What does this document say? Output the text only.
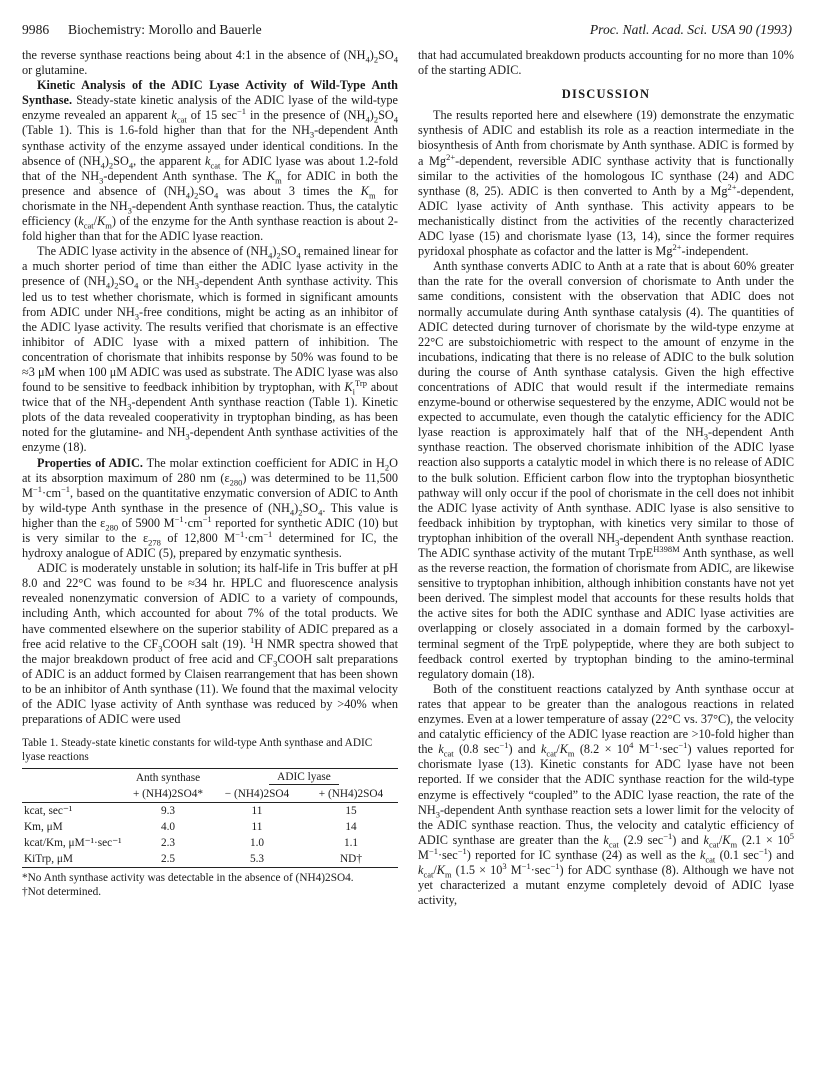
9986 Biochemistry: Morollo and Bauerle	Proc. Natl. Acad. Sci. USA 90 (1993)

the reverse synthase reactions being about 4:1 in the absence of $(NH_4)_2SO_4$ or glutamine.

Kinetic Analysis of the ADIC Lyase Activity of Wild-Type Anth Synthase. Steady-state kinetic analysis of the ADIC lyase of the wild-type enzyme revealed an apparent $k_{cat}$ of 15 $\sec^{-1}$ in the presence of $(NH_4)_2SO_4$ (Table 1). This is 1.6-fold higher than that for the $NH_3$-dependent Anth synthase activity of the enzyme assayed under identical conditions. In the absence of $(NH_4)_2SO_4$, the apparent $k_{cat}$ for ADIC lyase was about 1.2-fold that of the $NH_3$-dependent Anth synthase. The $K_m$ for ADIC in both the presence and absence of $(NH_4)_2SO_4$ was about 3 times the $K_m$ for chorismate in the $NH_3$-dependent Anth synthase reaction. Thus, the catalytic efficiency $(k_{cat}/K_m)$ of the enzyme for the Anth synthase reaction is about 2-fold higher than that for the ADIC lyase reaction.

The ADIC lyase activity in the absence of $(NH_4)_2SO_4$ remained linear for a much shorter period of time than either the ADIC lyase activity in the presence of $(NH_4)_2SO_4$ or the $NH_3$-dependent Anth synthase activity. This led us to test whether chorismate, which is formed in significant amounts from ADIC under $NH_3$-free conditions, might be acting as an inhibitor of the ADIC lyase activity. The results verified that chorismate is an effective inhibitor of ADIC lyase with a mixed pattern of inhibition. The concentration of chorismate that inhibits response by 50% was found to be ≈3 μM when 100 μM ADIC was used as substrate. The ADIC lyase was also found to be sensitive to feedback inhibition by tryptophan, with $K_i^{Trp}$ about twice that of the $NH_3$-dependent Anth synthase reaction (Table 1). Kinetic plots of the data revealed cooperativity in tryptophan binding, as has been noted for the glutamine- and $NH_3$-dependent Anth synthase activities of the enzyme (18).

Properties of ADIC. The molar extinction coefficient for ADIC in $H_2O$ at its absorption maximum of 280 nm $(\varepsilon_{280})$ was determined to be 11,500 $M^{-1}\cdot cm^{-1}$, based on the quantitative enzymatic conversion of ADIC to Anth by wild-type Anth synthase in the presence of $(NH_4)_2SO_4$. This value is higher than the $\varepsilon_{280}$ of 5900 $M^{-1}\cdot cm^{-1}$ reported for synthetic ADIC (10) but is very similar to the $\varepsilon_{278}$ of 12,800 $M^{-1}\cdot cm^{-1}$ determined for IC, the hydroxy analogue of ADIC (5), prepared by enzymatic synthesis.

ADIC is moderately unstable in solution; its half-life in Tris buffer at pH 8.0 and 22°C was found to be ≈34 hr. HPLC and fluorescence analysis revealed nonenzymatic conversion of ADIC to a variety of compounds, including Anth, which accounted for about 7% of the total products. We have commented elsewhere on the superior stability of ADIC prepared as a free acid relative to the $CF_3COOH$ salt (19). $^1$H NMR spectra showed that the major breakdown product of free acid and $CF_3COOH$ salt preparations of ADIC is an adduct formed by Claisen rearrangement that has been shown to be an inhibitor of Anth synthase (11). We found that the maximal velocity of the ADIC lyase activity of Anth synthase was reduced by >40% when preparations of ADIC were used

Table 1. Steady-state kinetic constants for wild-type Anth synthase and ADIC lyase reactions
	Anth synthase	ADIC lyase	
	+ (NH4)2SO4*	− (NH4)2SO4	+ (NH4)2SO4
kcat, sec⁻¹	9.3	11	15
Km, μM	4.0	11	14
kcat/Km, μM⁻¹·sec⁻¹	2.3	1.0	1.1
KiTrp, μM	2.5	5.3	ND†
*No Anth synthase activity was detectable in the absence of (NH4)2SO4.
†Not determined.

that had accumulated breakdown products accounting for no more than 10% of the starting ADIC.

DISCUSSION

The results reported here and elsewhere (19) demonstrate the enzymatic synthesis of ADIC and establish its role as a reaction intermediate in the biosynthesis of Anth from chorismate by Anth synthase. ADIC is formed by a $Mg^{2+}$-dependent, reversible ADIC synthase activity that is functionally similar to the activities of the homologous IC synthase (24) and ADC synthase (8, 25). ADIC is then converted to Anth by a $Mg^{2+}$-dependent, ADIC lyase activity of Anth synthase. This activity appears to be mechanistically distinct from the activities of the recently characterized ADC lyase (15) and chorismate lyase (13, 14), since the former requires pyridoxal phosphate as cofactor and the latter is $Mg^{2+}$-independent.

Anth synthase converts ADIC to Anth at a rate that is about 60% greater than the rate for the overall conversion of chorismate to Anth under the same conditions, consistent with the observation that ADIC does not normally accumulate during Anth synthase catalysis (4). The quantities of ADIC detected during turnover of chorismate by the wild-type enzyme at 22°C are substoichiometric with respect to the amount of enzyme in the incubations, indicating that there is no release of ADIC to the bulk solution during the course of Anth synthase catalysis. Given the high effective concentrations of ADIC that would result if the intermediate remains enzyme-bound or otherwise sequestered by the enzyme, ADIC would not be expected to accumulate, even though the catalytic efficiency for the ADIC lyase reaction is approximately half that of the $NH_3$-dependent Anth synthase reaction. The observed chorismate inhibition of the ADIC lyase reaction also supports a catalytic model in which there is no release of ADIC to the bulk solution. Efficient carbon flow into the tryptophan biosynthetic pathway will only occur if the pool of chorismate in the cell does not inhibit the ADIC lyase activity of Anth synthase. ADIC lyase is also sensitive to feedback inhibition by tryptophan, with kinetics very similar to those of tryptophan inhibition of the overall $NH_3$-dependent Anth synthase reaction. The ADIC synthase activity of the mutant TrpE$^{H398M}$ Anth synthase, as well as the reverse reaction, the formation of chorismate from ADIC, are likewise sensitive to tryptophan inhibition, although inhibition constants have not yet been derived. The simplest model that accounts for these results holds that the active sites for both the ADIC synthase and ADIC lyase activities are overlapping or closely associated in a domain formed by the carboxyl-terminal segment of the TrpE polypeptide, where they are both subject to feedback control exerted by tryptophan binding to the amino-terminal regulatory domain (18).

Both of the constituent reactions catalyzed by Anth synthase occur at rates that appear to be greater than the analogous reactions in related enzymes. Even at a lower temperature of assay (22°C vs. 37°C), the velocity and catalytic efficiency of the ADIC lyase reaction are >10-fold higher than the $k_{cat}$ (0.8 $\sec^{-1}$) and $k_{cat}/K_m$ ($8.2 \times 10^4$ $M^{-1}\cdot\sec^{-1}$) values reported for chorismate lyase (13). Kinetic constants for ADC lyase have not been reported. If we consider that the ADIC synthase reaction for the wild-type enzyme is effectively “coupled” to the ADIC lyase reaction, the rate of the $NH_3$-dependent Anth synthase reaction sets a lower limit for the velocity of the ADIC synthase reaction. Thus, the velocity and catalytic efficiency of ADIC synthase are greater than the $k_{cat}$ (2.9 $\sec^{-1}$) and $k_{cat}/K_m$ ($2.1 \times 10^5$ $M^{-1}\cdot\sec^{-1}$) reported for IC synthase (24) as well as the $k_{cat}$ (0.1 $\sec^{-1}$) and $k_{cat}/K_m$ ($1.5 \times 10^3$ $M^{-1}\cdot\sec^{-1}$) for ADC synthase (8). Although we have not yet characterized a mutant enzyme completely devoid of ADIC lyase activity,
